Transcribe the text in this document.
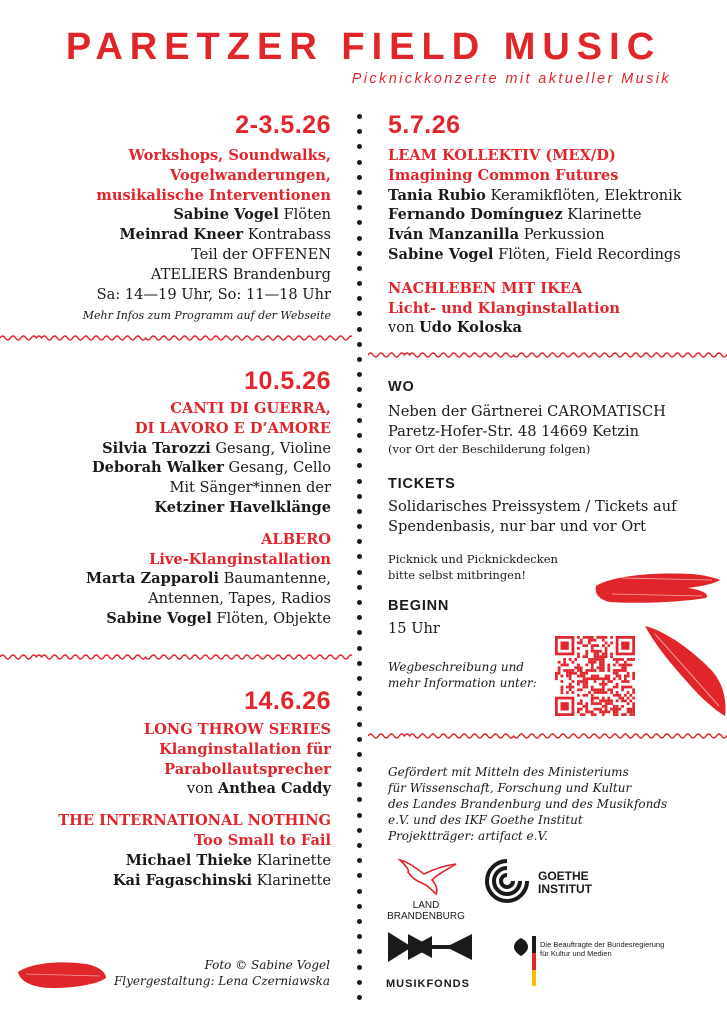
PARETZER FIELD MUSIC
Picknickkonzerte mit aktueller Musik
2-3.5.26
Workshops, Soundwalks,
Vogelwanderungen,
musikalische Interventionen
Sabine Vogel Flöten
Meinrad Kneer Kontrabass
Teil der OFFENEN
ATELIERS Brandenburg
Sa: 14—19 Uhr, So: 11—18 Uhr
Mehr Infos zum Programm auf der Webseite
10.5.26
CANTI DI GUERRA,
DI LAVORO E D’AMORE
Silvia Tarozzi Gesang, Violine
Deborah Walker Gesang, Cello
Mit Sänger*innen der
Ketziner Havelklänge
ALBERO
Live-Klanginstallation
Marta Zapparoli Baumantenne,
Antennen, Tapes, Radios
Sabine Vogel Flöten, Objekte
14.6.26
LONG THROW SERIES
Klanginstallation für
Parabollautsprecher
von Anthea Caddy
THE INTERNATIONAL NOTHING
Too Small to Fail
Michael Thieke Klarinette
Kai Fagaschinski Klarinette
Foto © Sabine Vogel
Flyergestaltung: Lena Czerniawska
5.7.26
LEAM KOLLEKTIV (MEX/D)
Imagining Common Futures
Tania Rubio Keramikflöten, Elektronik
Fernando Domínguez Klarinette
Iván Manzanilla Perkussion
Sabine Vogel Flöten, Field Recordings
NACHLEBEN MIT IKEA
Licht- und Klanginstallation
von Udo Koloska
WO
Neben der Gärtnerei CAROMATISCH
Paretz-Hofer-Str. 48 14669 Ketzin
(vor Ort der Beschilderung folgen)
TICKETS
Solidarisches Preissystem / Tickets auf
Spendenbasis, nur bar und vor Ort
Picknick und Picknickdecken
bitte selbst mitbringen!
BEGINN
15 Uhr
Wegbeschreibung und
mehr Information unter:
Gefördert mit Mitteln des Ministeriums
für Wissenschaft, Forschung und Kultur
des Landes Brandenburg und des Musikfonds
e.V. und des IKF Goethe Institut
Projektträger: artifact e.V.
LAND
BRANDENBURG
GOETHE
INSTITUT
MUSIKFONDS
Die Beauftragte der Bundesregierung
für Kultur und Medien
